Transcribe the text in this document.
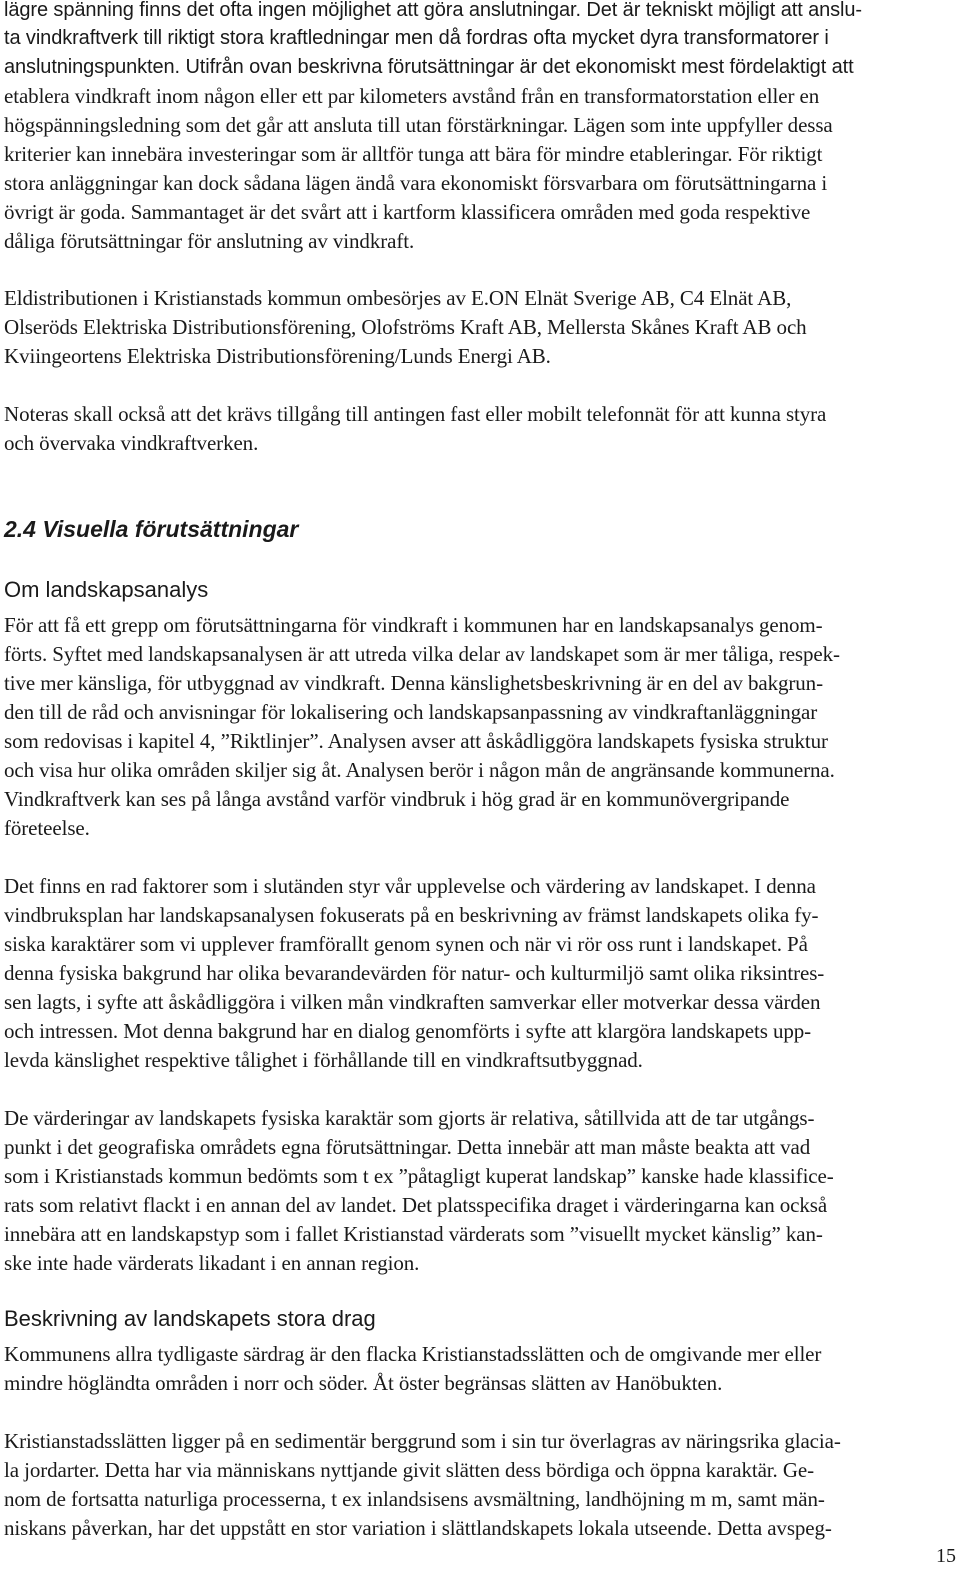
lägre spänning finns det ofta ingen möjlighet att göra anslutningar. Det är tekniskt möjligt att anslu-
ta vindkraftverk till riktigt stora kraftledningar men då fordras ofta mycket dyra transformatorer i
anslutningspunkten. Utifrån ovan beskrivna förutsättningar är det ekonomiskt mest fördelaktigt att
etablera vindkraft inom någon eller ett par kilometers avstånd från en transformatorstation eller en
högspänningsledning som det går att ansluta till utan förstärkningar. Lägen som inte uppfyller dessa
kriterier kan innebära investeringar som är alltför tunga att bära för mindre etableringar. För riktigt
stora anläggningar kan dock sådana lägen ändå vara ekonomiskt försvarbara om förutsättningarna i
övrigt är goda. Sammantaget är det svårt att i kartform klassificera områden med goda respektive
dåliga förutsättningar för anslutning av vindkraft.
Eldistributionen i Kristianstads kommun ombesörjes av E.ON Elnät Sverige AB, C4 Elnät AB,
Olseröds Elektriska Distributionsförening, Olofströms Kraft AB, Mellersta Skånes Kraft AB och
Kviingeortens Elektriska Distributionsförening/Lunds Energi AB.
Noteras skall också att det krävs tillgång till antingen fast eller mobilt telefonnät för att kunna styra
och övervaka vindkraftverken.
2.4 Visuella förutsättningar
Om landskapsanalys
För att få ett grepp om förutsättningarna för vindkraft i kommunen har en landskapsanalys genom-
förts. Syftet med landskapsanalysen är att utreda vilka delar av landskapet som är mer tåliga, respek-
tive mer känsliga, för utbyggnad av vindkraft. Denna känslighetsbeskrivning är en del av bakgrun-
den till de råd och anvisningar för lokalisering och landskapsanpassning av vindkraftanläggningar
som redovisas i kapitel 4, ”Riktlinjer”. Analysen avser att åskådliggöra landskapets fysiska struktur
och visa hur olika områden skiljer sig åt. Analysen berör i någon mån de angränsande kommunerna.
Vindkraftverk kan ses på långa avstånd varför vindbruk i hög grad är en kommunövergripande
företeelse.
Det finns en rad faktorer som i slutänden styr vår upplevelse och värdering av landskapet. I denna
vindbruksplan har landskapsanalysen fokuserats på en beskrivning av främst landskapets olika fy-
siska karaktärer som vi upplever framförallt genom synen och när vi rör oss runt i landskapet. På
denna fysiska bakgrund har olika bevarandevärden för natur- och kulturmiljö samt olika riksintres-
sen lagts, i syfte att åskådliggöra i vilken mån vindkraften samverkar eller motverkar dessa värden
och intressen. Mot denna bakgrund har en dialog genomförts i syfte att klargöra landskapets upp-
levda känslighet respektive tålighet i förhållande till en vindkraftsutbyggnad.
De värderingar av landskapets fysiska karaktär som gjorts är relativa, såtillvida att de tar utgångs-
punkt i det geografiska områdets egna förutsättningar. Detta innebär att man måste beakta att vad
som i Kristianstads kommun bedömts som t ex ”påtagligt kuperat landskap” kanske hade klassifice-
rats som relativt flackt i en annan del av landet. Det platsspecifika draget i värderingarna kan också
innebära att en landskapstyp som i fallet Kristianstad värderats som ”visuellt mycket känslig” kan-
ske inte hade värderats likadant i en annan region.
Beskrivning av landskapets stora drag
Kommunens allra tydligaste särdrag är den flacka Kristianstadsslätten och de omgivande mer eller
mindre högländta områden i norr och söder. Åt öster begränsas slätten av Hanöbukten.
Kristianstadsslätten ligger på en sedimentär berggrund som i sin tur överlagras av näringsrika glacia-
la jordarter. Detta har via människans nyttjande givit slätten dess bördiga och öppna karaktär. Ge-
nom de fortsatta naturliga processerna, t ex inlandsisens avsmältning, landhöjning m m, samt män-
niskans påverkan, har det uppstått en stor variation i slättlandskapets lokala utseende. Detta avspeg-
15
